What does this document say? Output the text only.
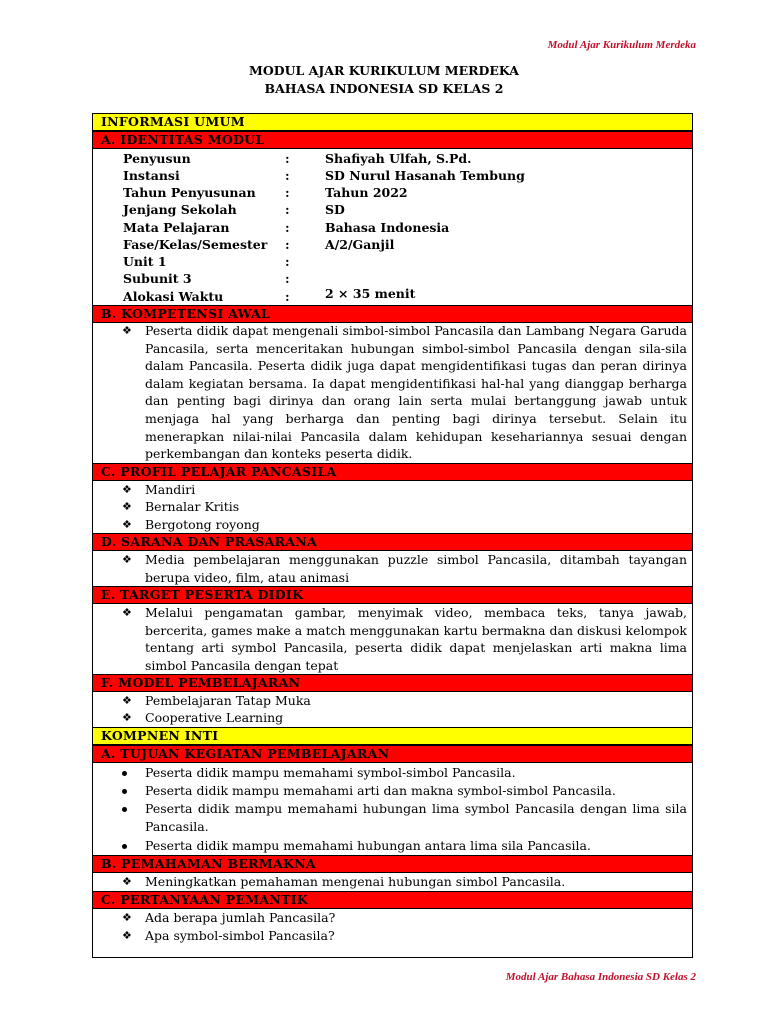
Modul Ajar Kurikulum Merdeka
MODUL AJAR KURIKULUM MERDEKA
BAHASA INDONESIA SD KELAS 2
INFORMASI UMUM
A. IDENTITAS MODUL
Penyusun	:	Shafiyah Ulfah, S.Pd.
Instansi	:	SD Nurul Hasanah Tembung
Tahun Penyusunan :	Tahun 2022
Jenjang Sekolah	:	SD
Mata Pelajaran	:	Bahasa Indonesia
Fase/Kelas/Semester :	A/2/Ganjil
Unit 1	:
Subunit 3	:
Alokasi Waktu	:	2 × 35 menit
B. KOMPETENSI AWAL
❖	Peserta didik dapat mengenali simbol-simbol Pancasila dan Lambang Negara Garuda Pancasila, serta menceritakan hubungan simbol-simbol Pancasila dengan sila-sila dalam Pancasila. Peserta didik juga dapat mengidentifikasi tugas dan peran dirinya dalam kegiatan bersama. Ia dapat mengidentifikasi hal-hal yang dianggap berharga dan penting bagi dirinya dan orang lain serta mulai bertanggung jawab untuk menjaga hal yang berharga dan penting bagi dirinya tersebut. Selain itu menerapkan nilai-nilai Pancasila dalam kehidupan kesehariannya sesuai dengan perkembangan dan konteks peserta didik.
C. PROFIL PELAJAR PANCASILA
❖	Mandiri
❖	Bernalar Kritis
❖	Bergotong royong
D. SARANA DAN PRASARANA
❖	Media pembelajaran menggunakan puzzle simbol Pancasila, ditambah tayangan berupa video, film, atau animasi
E. TARGET PESERTA DIDIK
❖	Melalui pengamatan gambar, menyimak video, membaca teks, tanya jawab, bercerita, games make a match menggunakan kartu bermakna dan diskusi kelompok tentang arti symbol Pancasila, peserta didik dapat menjelaskan arti makna lima simbol Pancasila dengan tepat
F. MODEL PEMBELAJARAN
❖	Pembelajaran Tatap Muka
❖	Cooperative Learning
KOMPNEN INTI
A. TUJUAN KEGIATAN PEMBELAJARAN
Peserta didik mampu memahami symbol-simbol Pancasila.
Peserta didik mampu memahami arti dan makna symbol-simbol Pancasila.
Peserta didik mampu memahami hubungan lima symbol Pancasila dengan lima sila Pancasila.
Peserta didik mampu memahami hubungan antara lima sila Pancasila.
B. PEMAHAMAN BERMAKNA
❖	Meningkatkan pemahaman mengenai hubungan simbol Pancasila.
C. PERTANYAAN PEMANTIK
❖	Ada berapa jumlah Pancasila?
❖	Apa symbol-simbol Pancasila?
Modul Ajar Bahasa Indonesia SD Kelas 2
